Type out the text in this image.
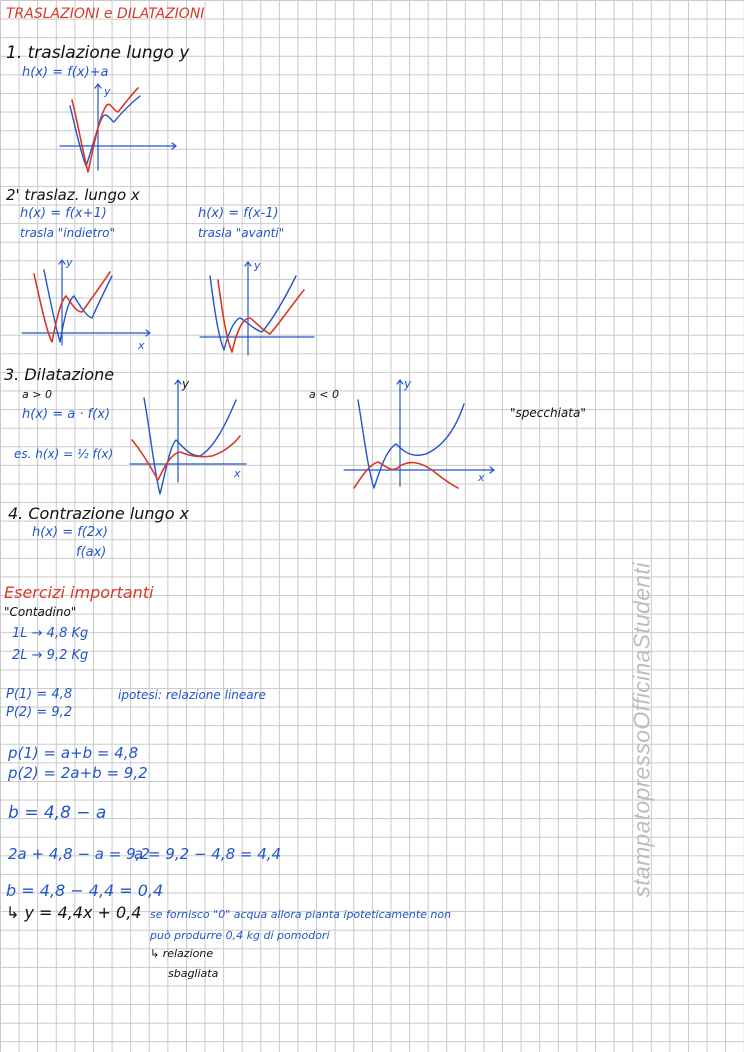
TRASLAZIONI e DILATAZIONI
1. traslazione lungo y
h(x) = f(x)+a
y
2' traslaz. lungo x
h(x) = f(x+1)
trasla "indietro"
h(x) = f(x-1)
trasla "avanti"
y
x
y
3. Dilatazione
a > 0
h(x) = a · f(x)
es. h(x) = ½ f(x)
y
x
a < 0
y
x
"specchiata"
4. Contrazione lungo x
h(x) = f(2x)
f(ax)
Esercizi importanti
"Contadino"
1L → 4,8 Kg
2L → 9,2 Kg
P(1) = 4,8
P(2) = 9,2
ipotesi: relazione lineare
p(1) = a+b = 4,8
p(2) = 2a+b = 9,2
b = 4,8 − a
2a + 4,8 − a = 9,2
a = 9,2 − 4,8 = 4,4
b = 4,8 − 4,4 = 0,4
↳ y = 4,4x + 0,4 se fornisco "0" acqua allora pianta ipoteticamente non
può produrre 0,4 kg di pomodori
↳ relazione
sbagliata
stampatopressoOfficinaStudenti
